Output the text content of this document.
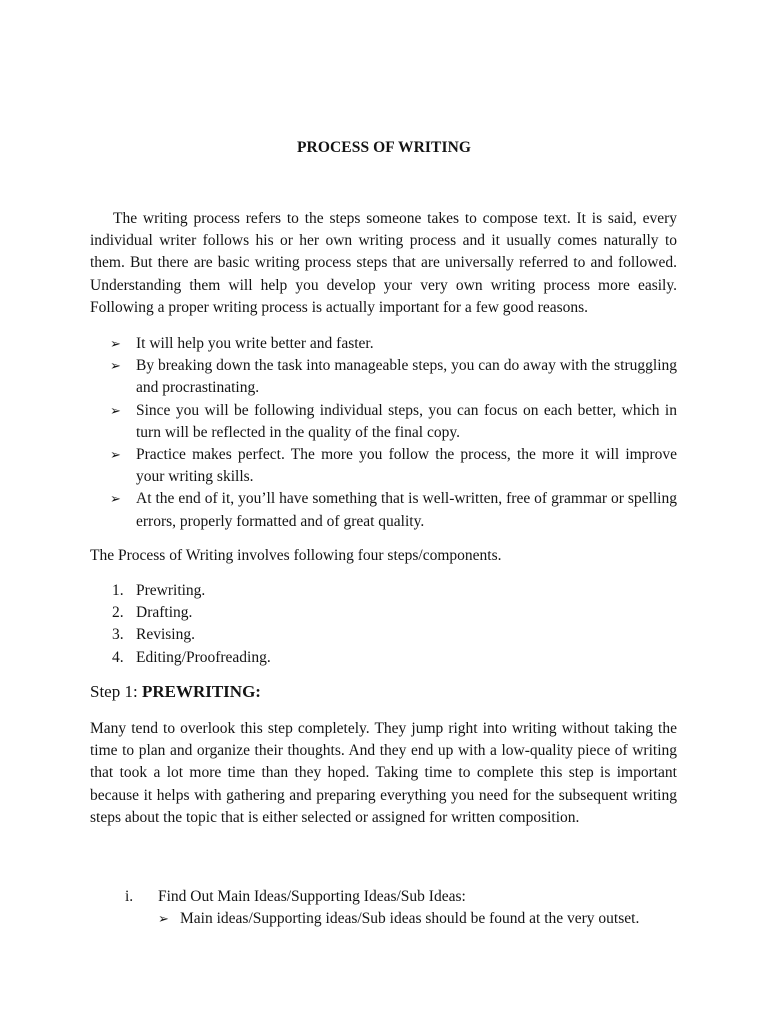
PROCESS OF WRITING

The writing process refers to the steps someone takes to compose text. It is said, every individual writer follows his or her own writing process and it usually comes naturally to them. But there are basic writing process steps that are universally referred to and followed. Understanding them will help you develop your very own writing process more easily. Following a proper writing process is actually important for a few good reasons.

➢ It will help you write better and faster.
➢ By breaking down the task into manageable steps, you can do away with the struggling and procrastinating.
➢ Since you will be following individual steps, you can focus on each better, which in turn will be reflected in the quality of the final copy.
➢ Practice makes perfect. The more you follow the process, the more it will improve your writing skills.
➢ At the end of it, you’ll have something that is well-written, free of grammar or spelling errors, properly formatted and of great quality.

The Process of Writing involves following four steps/components.

1. Prewriting.
2. Drafting.
3. Revising.
4. Editing/Proofreading.
Step 1: PREWRITING:

Many tend to overlook this step completely. They jump right into writing without taking the time to plan and organize their thoughts. And they end up with a low-quality piece of writing that took a lot more time than they hoped. Taking time to complete this step is important because it helps with gathering and preparing everything you need for the subsequent writing steps about the topic that is either selected or assigned for written composition.

i. Find Out Main Ideas/Supporting Ideas/Sub Ideas:
➢ Main ideas/Supporting ideas/Sub ideas should be found at the very outset.
